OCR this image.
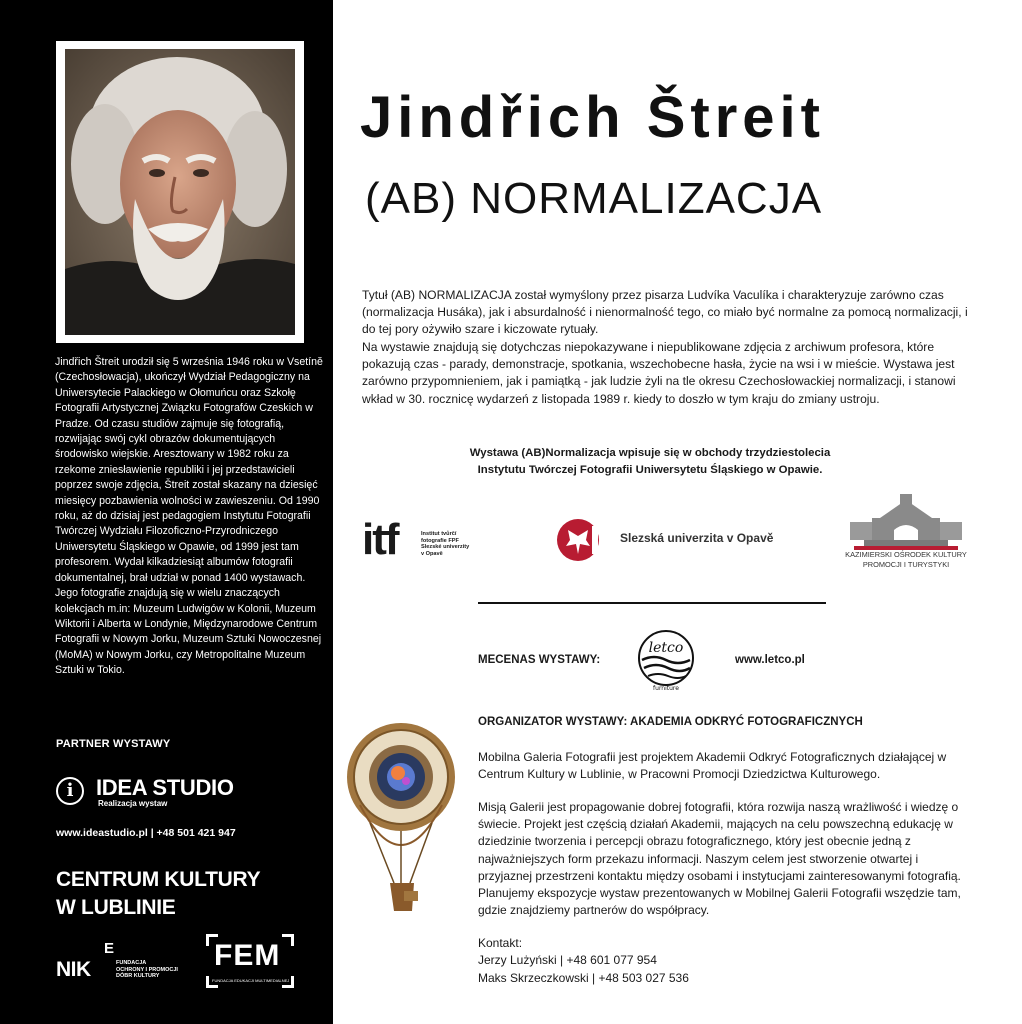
Jindřich Štreit urodził się 5 września 1946 roku w Vsetínĕ (Czechosłowacja), ukończył Wydział Pedagogiczny na Uniwersytecie Palackiego w Ołomuńcu oraz Szkołę Fotografii Artystycznej Związku Fotografów Czeskich w Pradze. Od czasu studiów zajmuje się fotografią, rozwijając swój cykl obrazów dokumentujących środowisko wiejskie. Aresztowany w 1982 roku za rzekome zniesławienie republiki i jej przedstawicieli poprzez swoje zdjęcia, Štreit został skazany na dziesięć miesięcy pozbawienia wolności w zawieszeniu. Od 1990 roku, aż do dzisiaj jest pedagogiem Instytutu Fotografii Twórczej Wydziału Filozoficzno-Przyrodniczego Uniwersytetu Śląskiego w Opawie, od 1999 jest tam profesorem. Wydał kilkadziesiąt albumów fotografii dokumentalnej, brał udział w ponad 1400 wystawach. Jego fotografie znajdują się w wielu znaczących kolekcjach m.in: Muzeum Ludwigów w Kolonii, Muzeum Wiktorii i Alberta w Londynie, Międzynarodowe Centrum Fotografii w Nowym Jorku, Muzeum Sztuki Nowoczesnej (MoMA) w Nowym Jorku, czy Metropolitalne Muzeum Sztuki w Tokio.

PARTNER WYSTAWY
i	IDEA STUDIO
Realizacja wystaw
www.ideastudio.pl | +48 501 421 947
CENTRUM KULTURY
W LUBLINIE
NIK
E
FUNDACJA
OCHRONY I PROMOCJI
DÓBR KULTURY
FEM
FUNDACJA EDUKACJI MULTIMEDIALNEJ
Jindřich Štreit
(AB) NORMALIZACJA

Tytuł (AB) NORMALIZACJA został wymyślony przez pisarza Ludvíka Vaculíka i charakteryzuje zarówno czas (normalizacja Husáka), jak i absurdalność i nienormalność tego, co miało być normalne za pomocą normalizacji, i do tej pory ożywiło szare i kiczowate rytuały.

Na wystawie znajdują się dotychczas niepokazywane i niepublikowane zdjęcia z archiwum profesora, które pokazują czas - parady, demonstracje, spotkania, wszechobecne hasła, życie na wsi i w mieście. Wystawa jest zarówno przypomnieniem, jak i pamiątką - jak ludzie żyli na tle okresu Czechosłowackiej normalizacji, i stanowi wkład w 30. rocznicę wydarzeń z listopada 1989 r. kiedy to doszło w tym kraju do zmiany ustroju.

Wystawa (AB)Normalizacja wpisuje się w obchody trzydziestolecia
Instytutu Twórczej Fotografii Uniwersytetu Śląskiego w Opawie.
itf	Institut tvůrčí
fotografie FPF
Slezské univerzity
v Opavě
Slezská univerzita v Opavě
KAZIMIERSKI OŚRODEK KULTURY
PROMOCJI I TURYSTYKI
MECENAS WYSTAWY:
letco
furniture
www.letco.pl

ORGANIZATOR WYSTAWY: AKADEMIA ODKRYĆ FOTOGRAFICZNYCH

Mobilna Galeria Fotografii jest projektem Akademii Odkryć Fotograficznych działającej w Centrum Kultury w Lublinie, w Pracowni Promocji Dziedzictwa Kulturowego.

Misją Galerii jest propagowanie dobrej fotografii, która rozwija naszą wrażliwość i wiedzę o świecie. Projekt jest częścią działań Akademii, mających na celu powszechną edukację w dziedzinie tworzenia i percepcji obrazu fotograficznego, który jest obecnie jedną z najważniejszych form przekazu informacji. Naszym celem jest stworzenie otwartej i przyjaznej przestrzeni kontaktu między osobami i instytucjami zainteresowanymi fotografią. Planujemy ekspozycje wystaw prezentowanych w Mobilnej Galerii Fotografii wszędzie tam, gdzie znajdziemy partnerów do współpracy.

Kontakt:
Jerzy Lużyński | +48 601 077 954
Maks Skrzeczkowski | +48 503 027 536
